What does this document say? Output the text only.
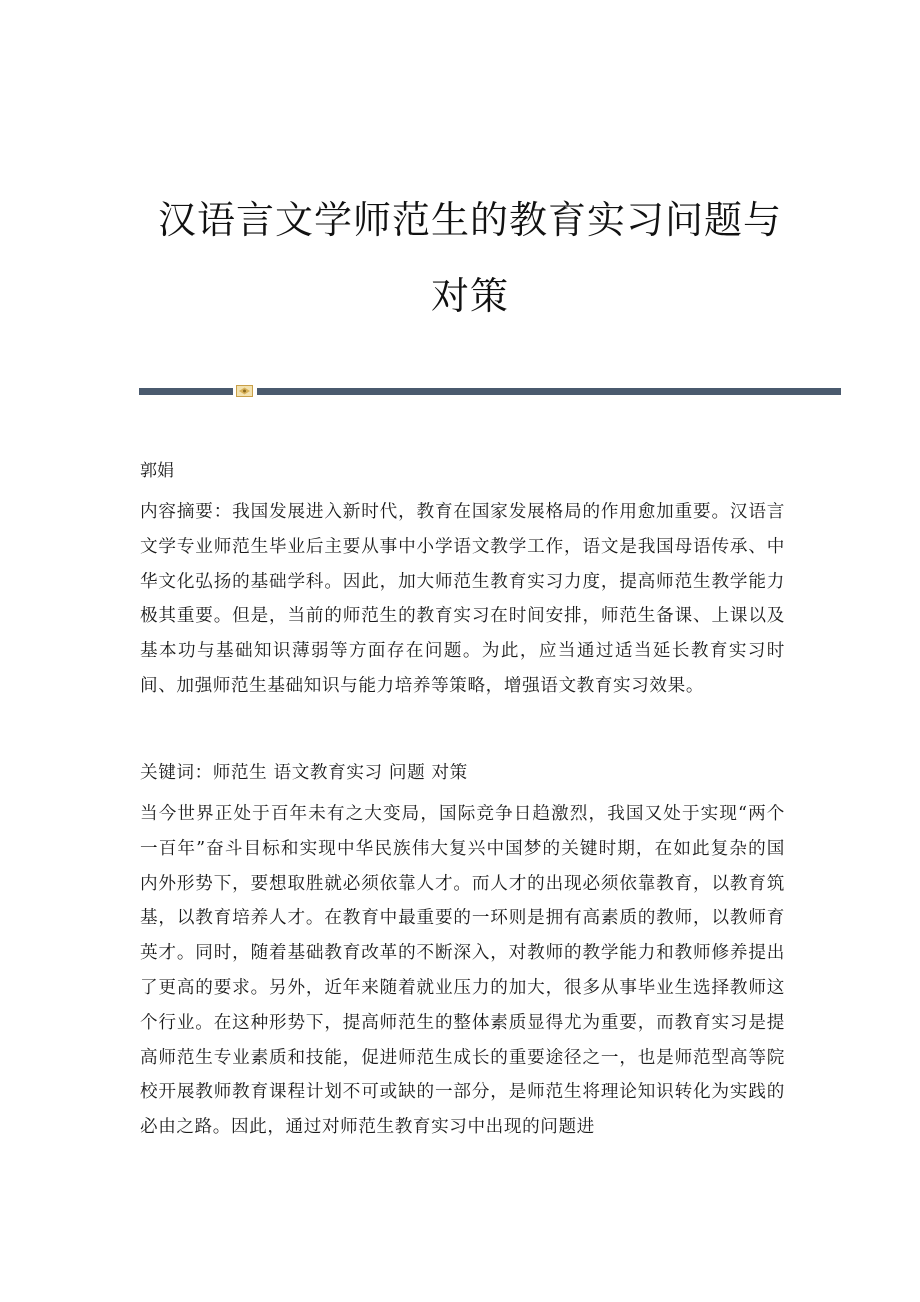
汉语言文学师范生的教育实习问题与对策

郭娟

内容摘要：我国发展进入新时代，教育在国家发展格局的作用愈加重要。汉语言文学专业师范生毕业后主要从事中小学语文教学工作，语文是我国母语传承、中华文化弘扬的基础学科。因此，加大师范生教育实习力度，提高师范生教学能力极其重要。但是，当前的师范生的教育实习在时间安排，师范生备课、上课以及基本功与基础知识薄弱等方面存在问题。为此，应当通过适当延长教育实习时间、加强师范生基础知识与能力培养等策略，增强语文教育实习效果。

关键词：师范生 语文教育实习 问题 对策

当今世界正处于百年未有之大变局，国际竞争日趋激烈，我国又处于实现“两个一百年”奋斗目标和实现中华民族伟大复兴中国梦的关键时期，在如此复杂的国内外形势下，要想取胜就必须依靠人才。而人才的出现必须依靠教育，以教育筑基，以教育培养人才。在教育中最重要的一环则是拥有高素质的教师，以教师育英才。同时，随着基础教育改革的不断深入，对教师的教学能力和教师修养提出了更高的要求。另外，近年来随着就业压力的加大，很多从事毕业生选择教师这个行业。在这种形势下，提高师范生的整体素质显得尤为重要，而教育实习是提高师范生专业素质和技能，促进师范生成长的重要途径之一，也是师范型高等院校开展教师教育课程计划不可或缺的一部分，是师范生将理论知识转化为实践的必由之路。因此，通过对师范生教育实习中出现的问题进
